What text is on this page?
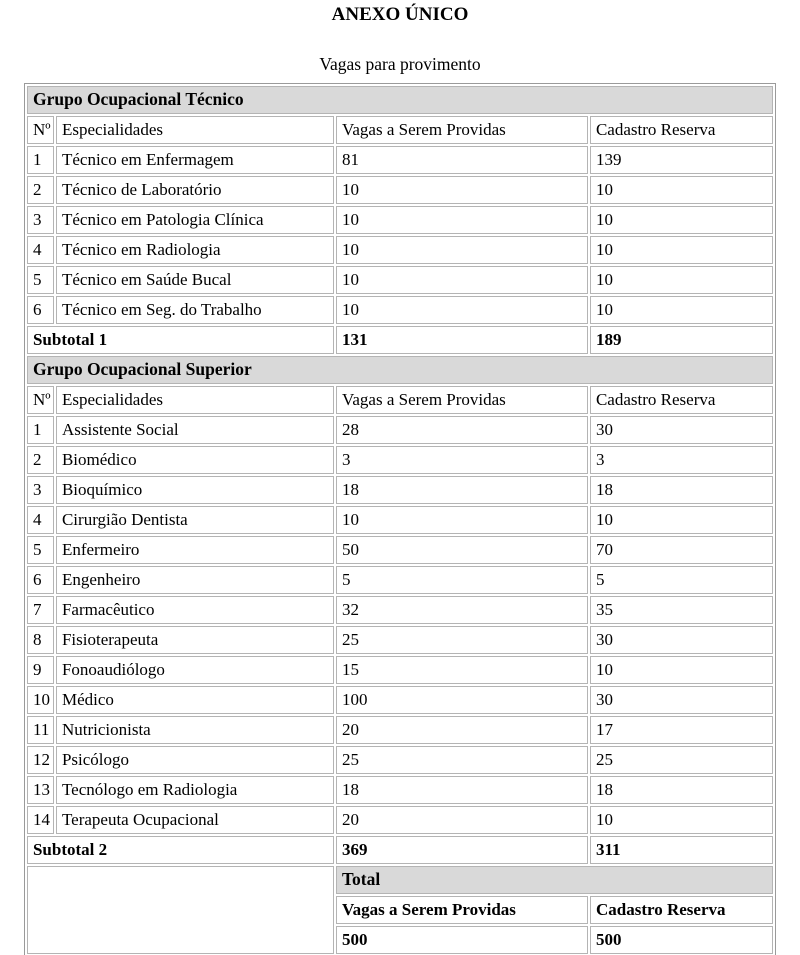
ANEXO ÚNICO
Vagas para provimento
Grupo Ocupacional Técnico			
Nº	Especialidades	Vagas a Serem Providas	Cadastro Reserva
1	Técnico em Enfermagem	81	139
2	Técnico de Laboratório	10	10
3	Técnico em Patologia Clínica	10	10
4	Técnico em Radiologia	10	10
5	Técnico em Saúde Bucal	10	10
6	Técnico em Seg. do Trabalho	10	10
Subtotal 1		131	189
Grupo Ocupacional Superior			
Nº	Especialidades	Vagas a Serem Providas	Cadastro Reserva
1	Assistente Social	28	30
2	Biomédico	3	3
3	Bioquímico	18	18
4	Cirurgião Dentista	10	10
5	Enfermeiro	50	70
6	Engenheiro	5	5
7	Farmacêutico	32	35
8	Fisioterapeuta	25	30
9	Fonoaudiólogo	15	10
10	Médico	100	30
11	Nutricionista	20	17
12	Psicólogo	25	25
13	Tecnólogo em Radiologia	18	18
14	Terapeuta Ocupacional	20	10
Subtotal 2		369	311
		Total	
		Vagas a Serem Providas	Cadastro Reserva
		500	500
